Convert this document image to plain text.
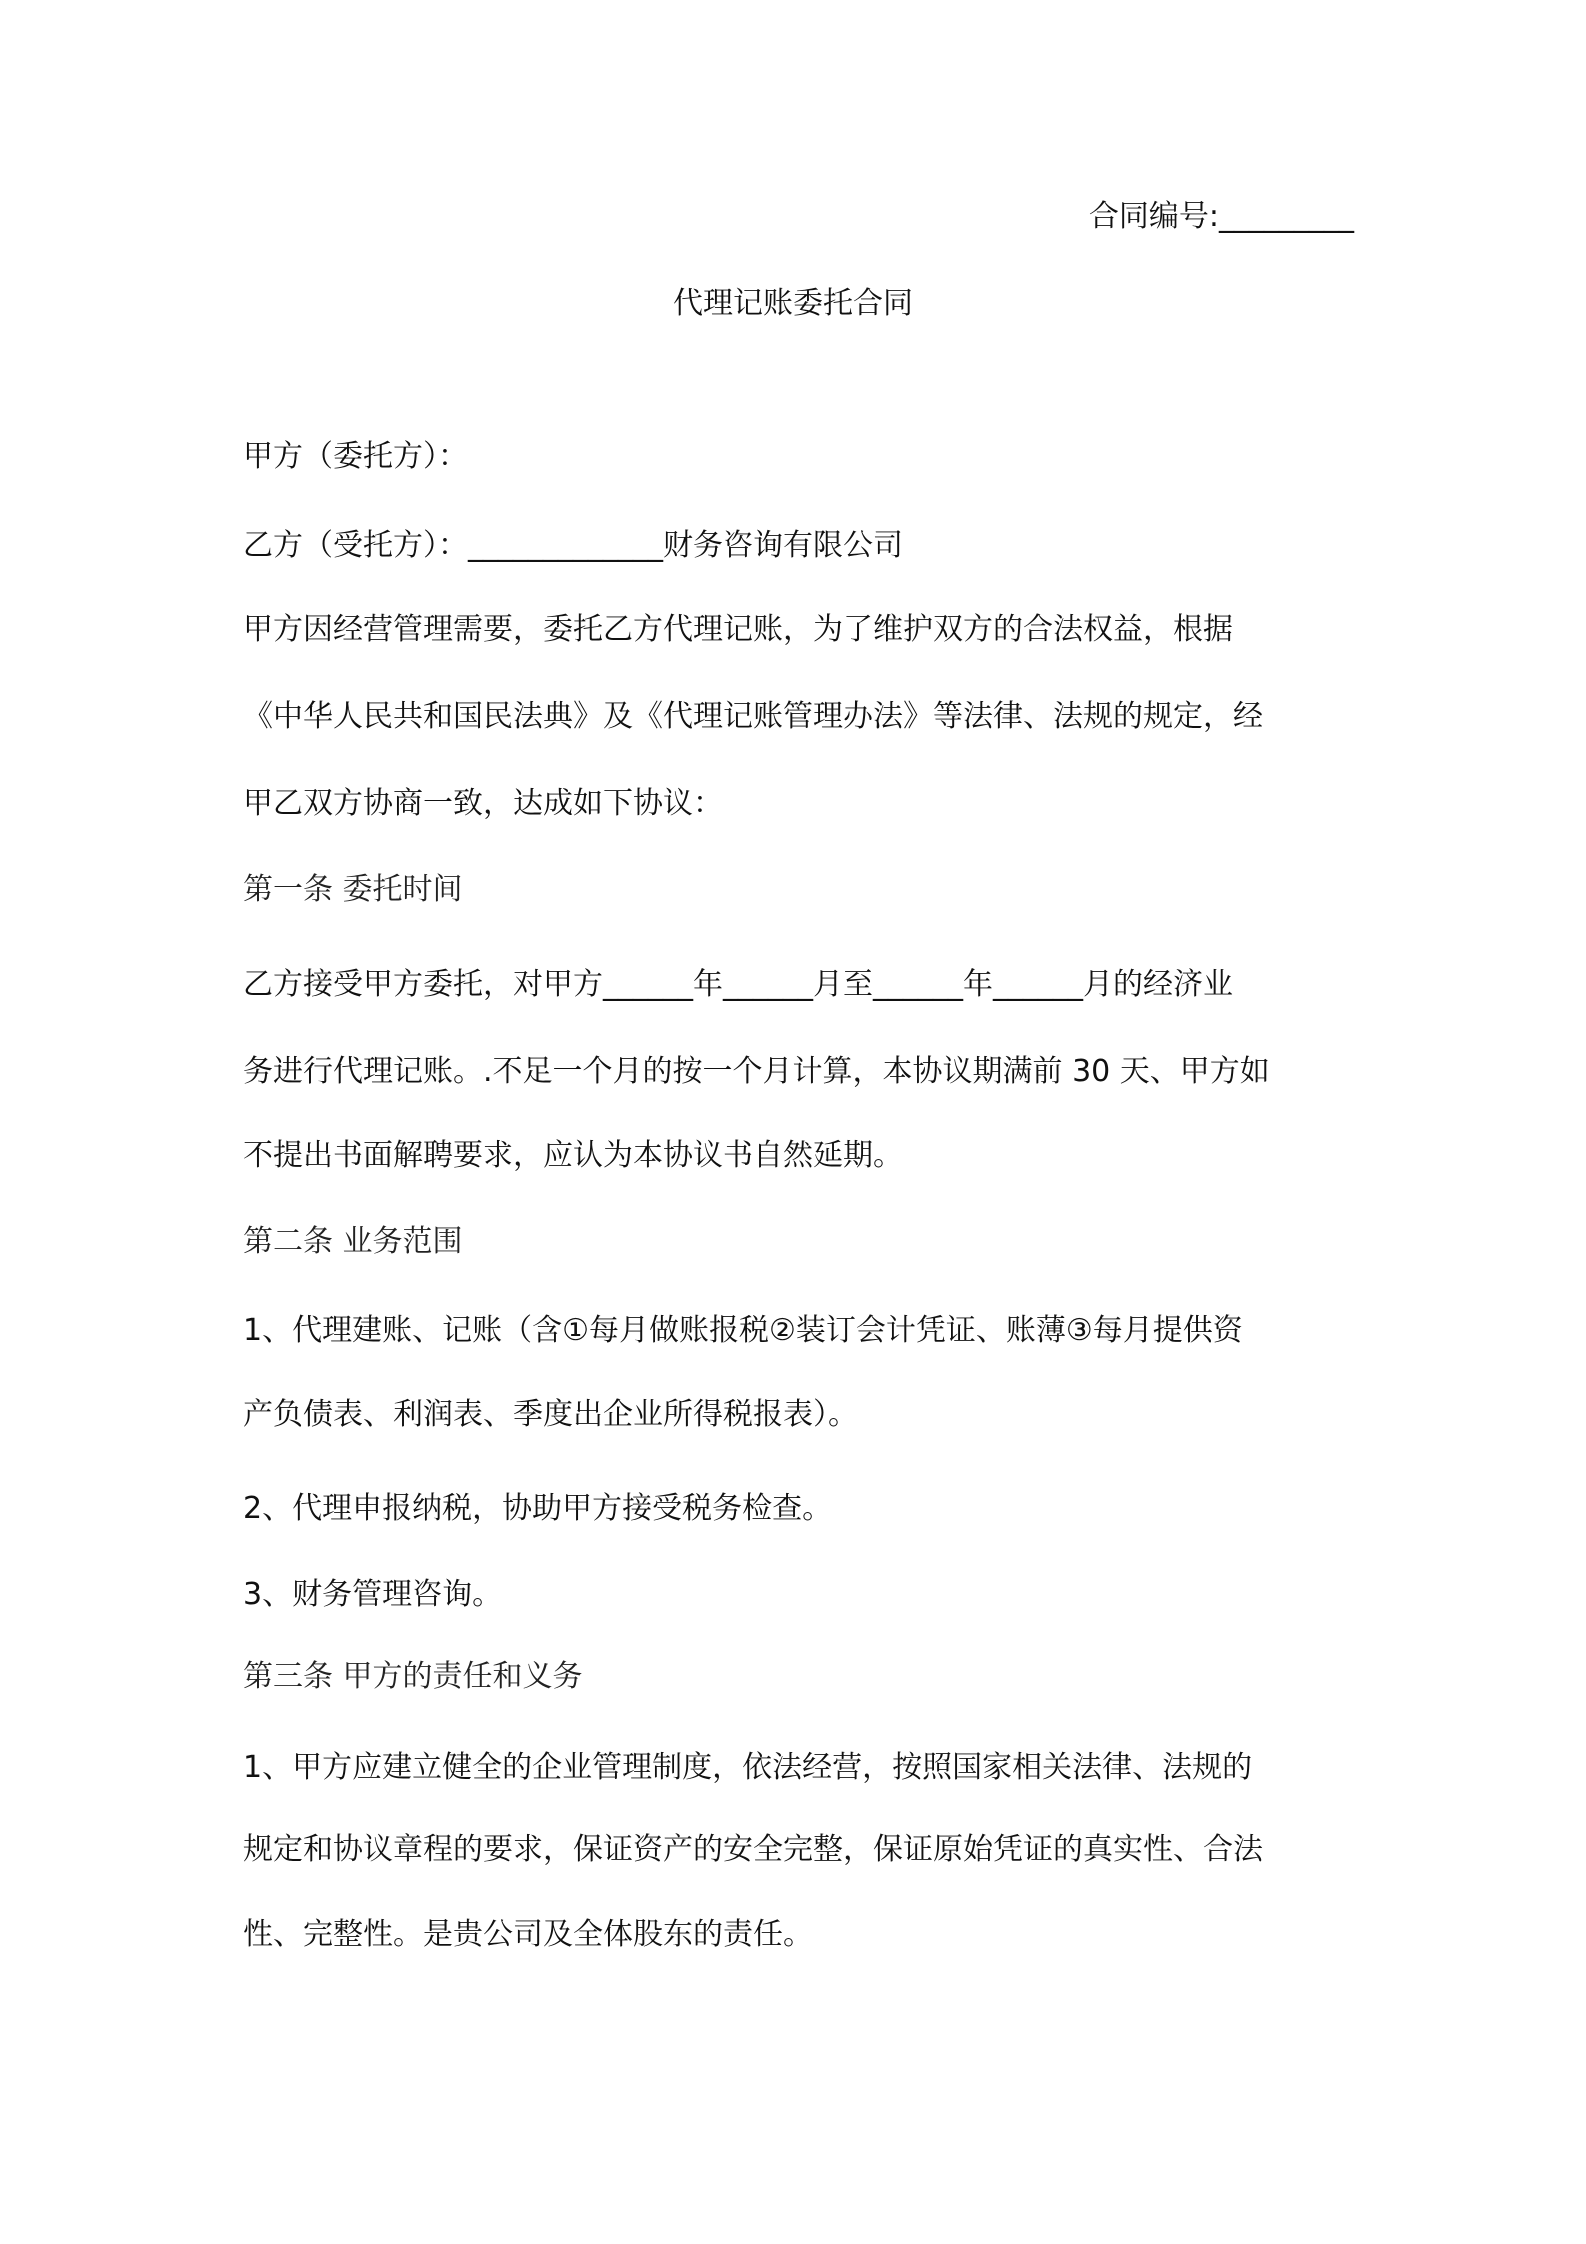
合同编号:_________
代理记账委托合同
甲方（委托方）：
乙方（受托方）：_____________财务咨询有限公司
甲方因经营管理需要，委托乙方代理记账，为了维护双方的合法权益，根据
《中华人民共和国民法典》及《代理记账管理办法》等法律、法规的规定，经
甲乙双方协商一致，达成如下协议：
第一条 委托时间
乙方接受甲方委托，对甲方______年______月至______年______月的经济业
务进行代理记账。.不足一个月的按一个月计算，本协议期满前 30 天、甲方如
不提出书面解聘要求，应认为本协议书自然延期。
第二条 业务范围
1、代理建账、记账（含①每月做账报税②装订会计凭证、账薄③每月提供资
产负债表、利润表、季度出企业所得税报表）。
2、代理申报纳税，协助甲方接受税务检查。
3、财务管理咨询。
第三条 甲方的责任和义务
1、甲方应建立健全的企业管理制度，依法经营，按照国家相关法律、法规的
规定和协议章程的要求，保证资产的安全完整，保证原始凭证的真实性、合法
性、完整性。是贵公司及全体股东的责任。
